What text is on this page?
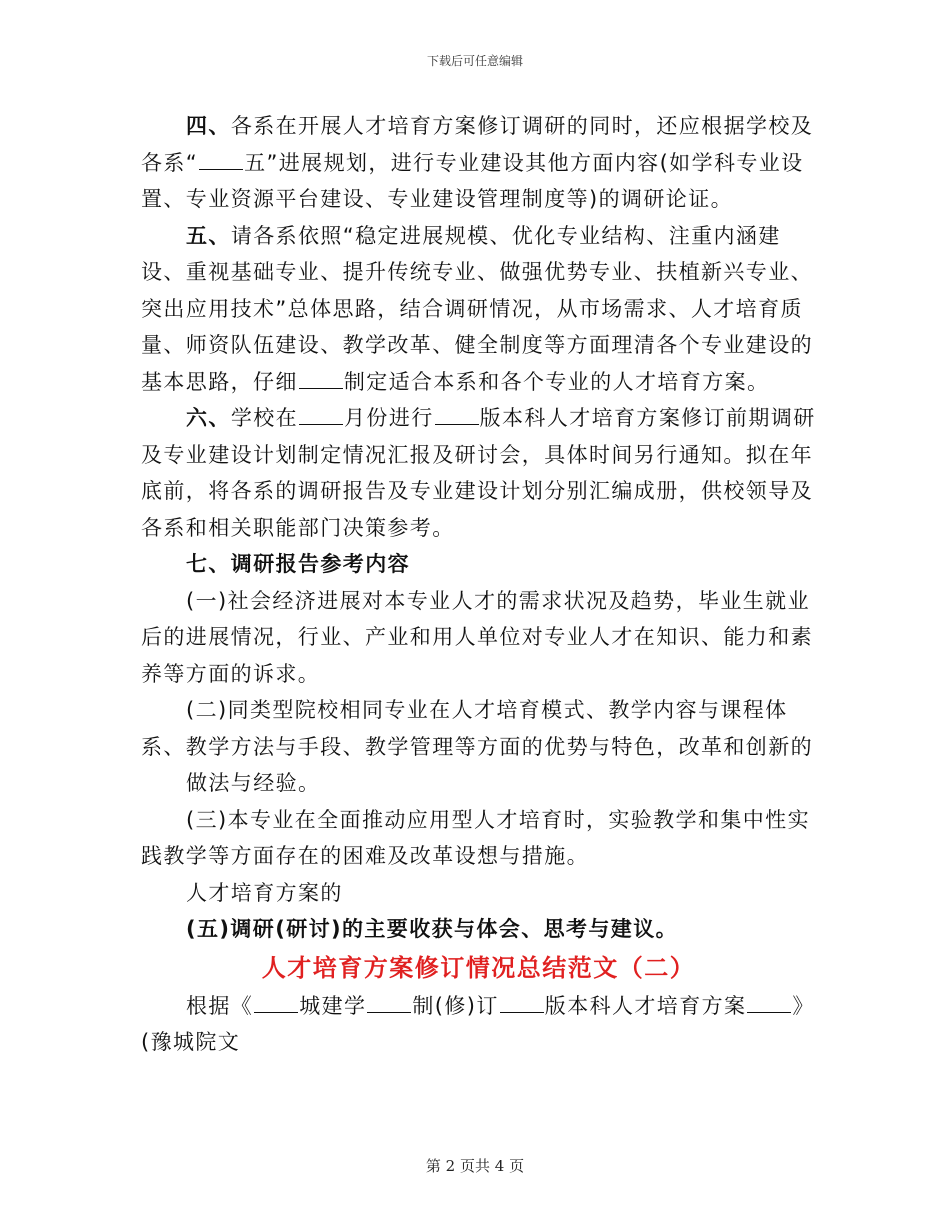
下载后可任意编辑

四、各系在开展人才培育方案修订调研的同时，还应根据学校及各系“ 五”进展规划，进行专业建设其他方面内容(如学科专业设置、专业资源平台建设、专业建设管理制度等)的调研论证。

五、请各系依照“稳定进展规模、优化专业结构、注重内涵建设、重视基础专业、提升传统专业、做强优势专业、扶植新兴专业、突出应用技术”总体思路，结合调研情况，从市场需求、人才培育质量、师资队伍建设、教学改革、健全制度等方面理清各个专业建设的基本思路，仔细 制定适合本系和各个专业的人才培育方案。

六、学校在 月份进行 版本科人才培育方案修订前期调研及专业建设计划制定情况汇报及研讨会，具体时间另行通知。拟在年底前，将各系的调研报告及专业建设计划分别汇编成册，供校领导及各系和相关职能部门决策参考。

七、调研报告参考内容

(一)社会经济进展对本专业人才的需求状况及趋势，毕业生就业后的进展情况，行业、产业和用人单位对专业人才在知识、能力和素养等方面的诉求。

(二)同类型院校相同专业在人才培育模式、教学内容与课程体系、教学方法与手段、教学管理等方面的优势与特色，改革和创新的

做法与经验。

(三)本专业在全面推动应用型人才培育时，实验教学和集中性实践教学等方面存在的困难及改革设想与措施。

人才培育方案的

(五)调研(研讨)的主要收获与体会、思考与建议。

人才培育方案修订情况总结范文（二）

根据《 城建学 制(修)订 版本科人才培育方案 》

(豫城院文

第 2 页共 4 页
